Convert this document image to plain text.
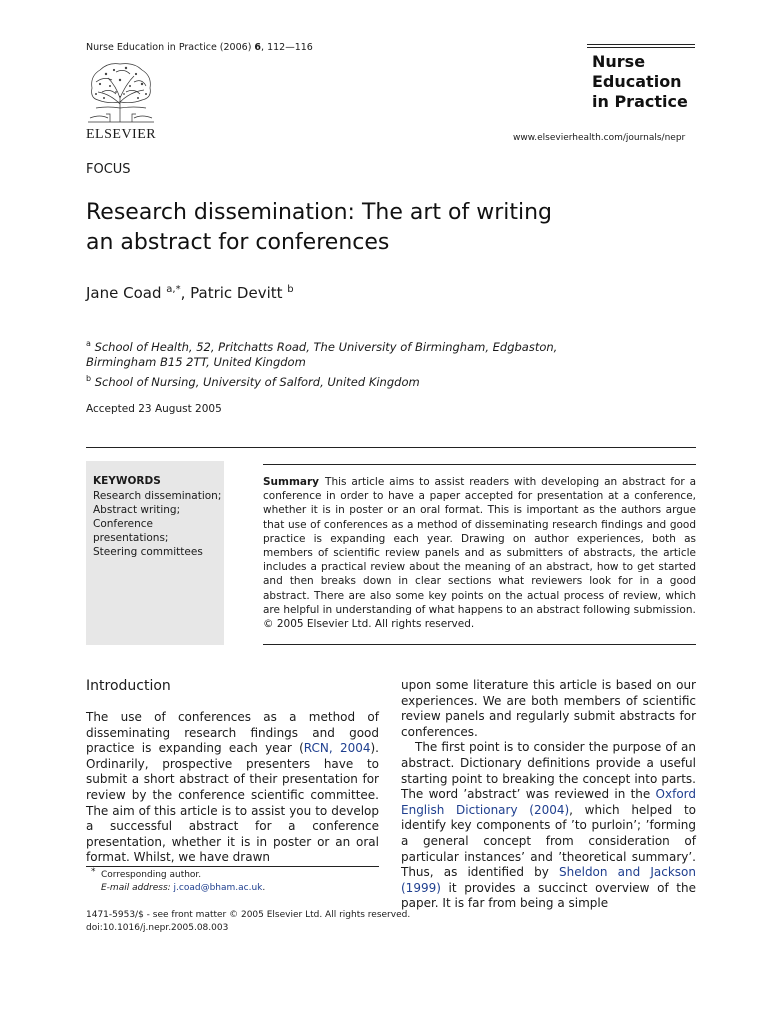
Nurse Education in Practice (2006) 6, 112—116
ELSEVIER
Nurse
Education
in Practice
www.elsevierhealth.com/journals/nepr
FOCUS
Research dissemination: The art of writing
an abstract for conferences
Jane Coad $^{a,*}$, Patric Devitt $^b$
$^a$ School of Health, 52, Pritchatts Road, The University of Birmingham, Edgbaston,
Birmingham B15 2TT, United Kingdom
$^b$ School of Nursing, University of Salford, United Kingdom
Accepted 23 August 2005
KEYWORDS
Research dissemination;
Abstract writing;
Conference
presentations;
Steering committees
Summary This article aims to assist readers with developing an abstract for a conference in order to have a paper accepted for presentation at a conference, whether it is in poster or an oral format. This is important as the authors argue that use of conferences as a method of disseminating research findings and good practice is expanding each year. Drawing on author experiences, both as members of scientific review panels and as submitters of abstracts, the article includes a practical review about the meaning of an abstract, how to get started and then breaks down in clear sections what reviewers look for in a good abstract. There are also some key points on the actual process of review, which are helpful in understanding of what happens to an abstract following submission.
© 2005 Elsevier Ltd. All rights reserved.
Introduction
The use of conferences as a method of disseminating research findings and good practice is expanding each year (RCN, 2004). Ordinarily, prospective presenters have to submit a short abstract of their presentation for review by the conference scientific committee. The aim of this article is to assist you to develop a successful abstract for a conference presentation, whether it is in poster or an oral format. Whilst, we have drawn

upon some literature this article is based on our experiences. We are both members of scientific review panels and regularly submit abstracts for conferences.

The first point is to consider the purpose of an abstract. Dictionary definitions provide a useful starting point to breaking the concept into parts. The word ’abstract’ was reviewed in the Oxford English Dictionary (2004), which helped to identify key components of ’to purloin’; ’forming a general concept from consideration of particular instances’ and ’theoretical summary’. Thus, as identified by Sheldon and Jackson (1999) it provides a succinct overview of the paper. It is far from being a simple

* Corresponding author.
E-mail address: j.coad@bham.ac.uk.
1471-5953/$ - see front matter © 2005 Elsevier Ltd. All rights reserved.
doi:10.1016/j.nepr.2005.08.003
